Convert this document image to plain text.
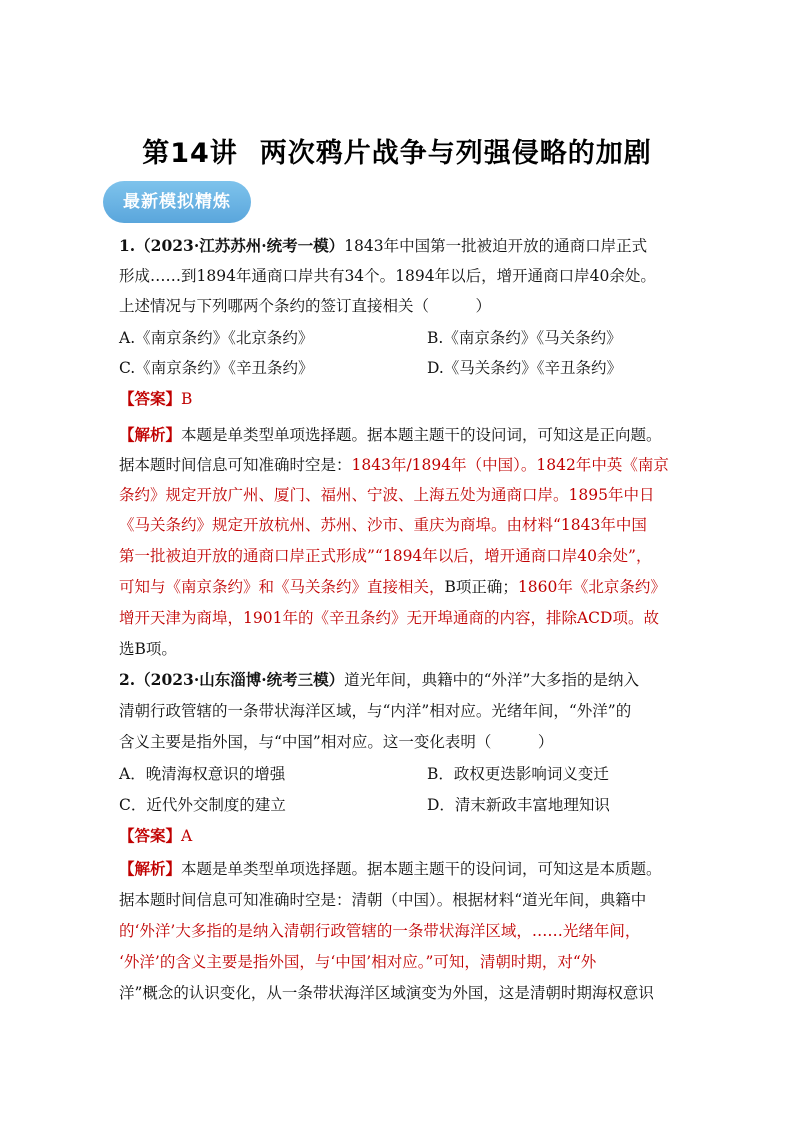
第14讲 两次鸦片战争与列强侵略的加剧
最新模拟精炼
1.（2023·江苏苏州·统考一模）1843年中国第一批被迫开放的通商口岸正式
形成……到1894年通商口岸共有34个。1894年以后，增开通商口岸40余处。
上述情况与下列哪两个条约的签订直接相关（　　　）
A.《南京条约》《北京条约》	B.《南京条约》《马关条约》
C.《南京条约》《辛丑条约》	D.《马关条约》《辛丑条约》
【答案】B
【解析】本题是单类型单项选择题。据本题主题干的设问词，可知这是正向题。
据本题时间信息可知准确时空是：1843年/1894年（中国）。1842年中英《南京
条约》规定开放广州、厦门、福州、宁波、上海五处为通商口岸。1895年中日
《马关条约》规定开放杭州、苏州、沙市、重庆为商埠。由材料“1843年中国
第一批被迫开放的通商口岸正式形成”“1894年以后，增开通商口岸40余处”，
可知与《南京条约》和《马关条约》直接相关，B项正确；1860年《北京条约》
增开天津为商埠，1901年的《辛丑条约》无开埠通商的内容，排除ACD项。故
选B项。
2.（2023·山东淄博·统考三模）道光年间，典籍中的“外洋”大多指的是纳入
清朝行政管辖的一条带状海洋区域，与“内洋”相对应。光绪年间，“外洋”的
含义主要是指外国，与“中国”相对应。这一变化表明（　　　）
A．晚清海权意识的增强	B．政权更迭影响词义变迁
C．近代外交制度的建立	D．清末新政丰富地理知识
【答案】A
【解析】本题是单类型单项选择题。据本题主题干的设问词，可知这是本质题。
据本题时间信息可知准确时空是：清朝（中国）。根据材料“道光年间，典籍中
的‘外洋’大多指的是纳入清朝行政管辖的一条带状海洋区域，……光绪年间，
‘外洋’的含义主要是指外国，与‘中国’相对应。”可知，清朝时期，对“外
洋”概念的认识变化，从一条带状海洋区域演变为外国，这是清朝时期海权意识
